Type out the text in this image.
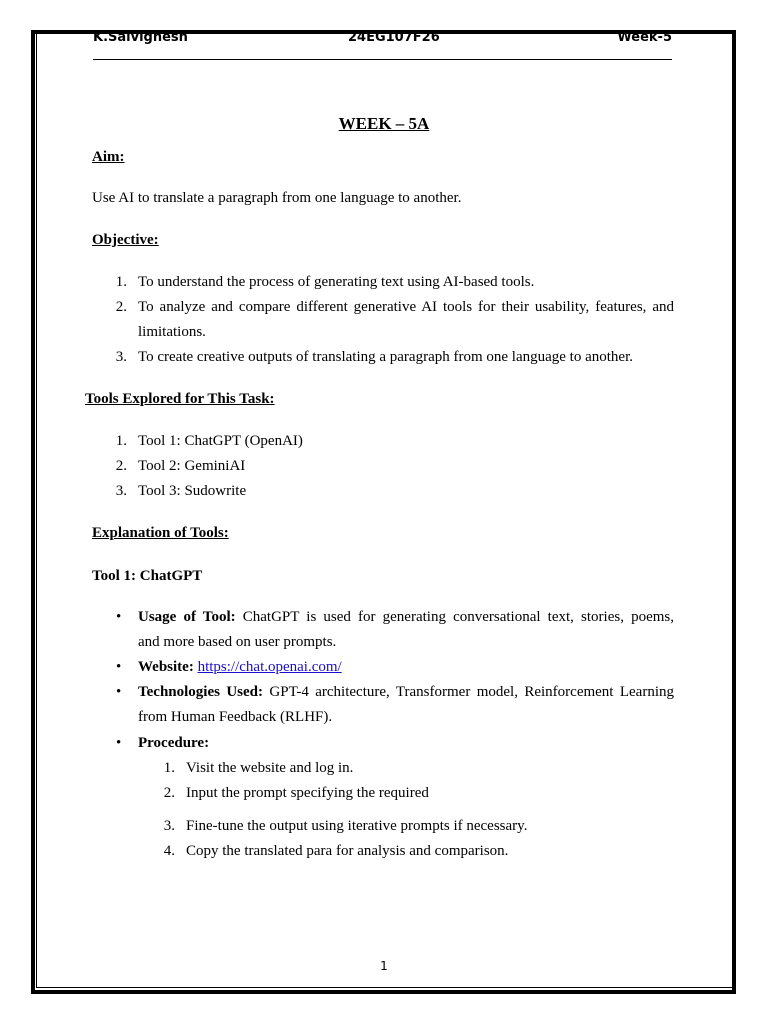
K.Saivignesh	24EG107F26	Week-5
WEEK – 5A
Aim:
Use AI to translate a paragraph from one language to another.
Objective:
1. To understand the process of generating text using AI-based tools.
2. To analyze and compare different generative AI tools for their usability, features, and
limitations.
3. To create creative outputs of translating a paragraph from one language to another.
Tools Explored for This Task:
1. Tool 1: ChatGPT (OpenAI)
2. Tool 2: GeminiAI
3. Tool 3: Sudowrite
Explanation of Tools:
Tool 1: ChatGPT
• Usage of Tool: ChatGPT is used for generating conversational text, stories, poems,
and more based on user prompts.
• Website: https://chat.openai.com/
• Technologies Used: GPT-4 architecture, Transformer model, Reinforcement Learning
from Human Feedback (RLHF).
• Procedure:
1. Visit the website and log in.
2. Input the prompt specifying the required
3. Fine-tune the output using iterative prompts if necessary.
4. Copy the translated para for analysis and comparison.
1
